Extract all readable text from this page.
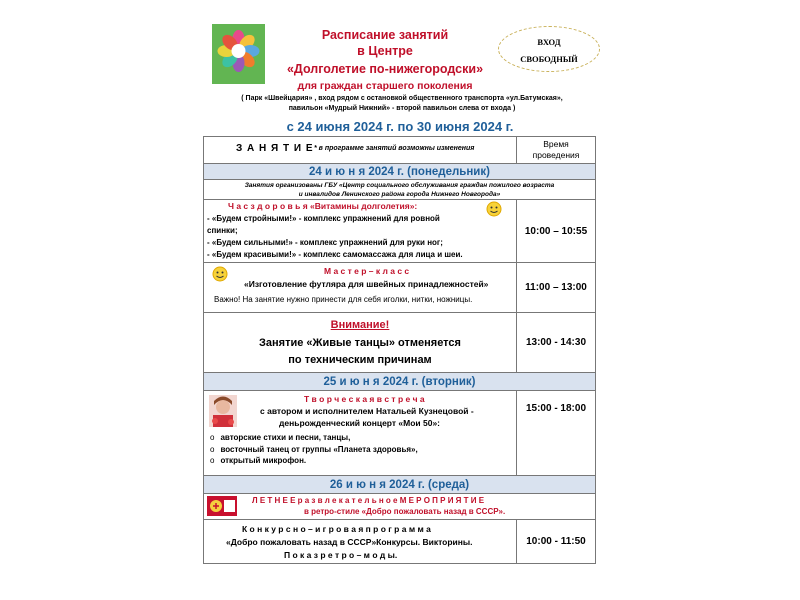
Расписание занятий
в Центре
«Долголетие по-нижегородски»
для граждан старшего поколения
( Парк «Швейцария» , вход рядом с остановкой общественного транспорта «ул.Батумская»,
павильон «Мудрый Нижний» - второй павильон слева от входа )
ВХОД
СВОБОДНЫЙ
с 24 июня 2024 г. по 30 июня 2024 г.
З А Н Я Т И Е * в программе занятий возможны изменения	Время
проведения
24 и ю н я 2024 г. (понедельник)
Занятия организованы ГБУ «Центр социального обслуживания граждан пожилого возраста
и инвалидов Ленинского района города Нижнего Новгорода»
Ч а с з д о р о в ь я «Витамины долголетия»:
- «Будем стройными!» - комплекс упражнений для ровной
спинки;
- «Будем сильными!» - комплекс упражнений для руки ног;
- «Будем красивыми!» - комплекс самомассажа для лица и шеи.
10:00 – 10:55
М а с т е р – к л а с с
«Изготовление футляра для швейных принадлежностей»
Важно! На занятие нужно принести для себя иголки, нитки, ножницы.
11:00 – 13:00
Внимание!
Занятие «Живые танцы» отменяется
по техническим причинам
13:00 - 14:30
25 и ю н я 2024 г. (вторник)
Т в о р ч е с к а я в с т р е ч а
с автором и исполнителем Натальей Кузнецовой -
деньрожденческий концерт «Мои 50»:
o авторские стихи и песни, танцы,
o восточный танец от группы «Планета здоровья»,
o открытый микрофон.
15:00 - 18:00
26 и ю н я 2024 г. (среда)
Л Е Т Н Е Е р а з в л е к а т е л ь н о е М Е Р О П Р И Я Т И Е
в ретро-стиле «Добро пожаловать назад в СССР».
К о н к у р с н о – и г р о в а я п р о г р а м м а
«Добро пожаловать назад в СССР»Конкурсы. Викторины.
П о к а з р е т р о – м о д ы.
10:00 - 11:50
